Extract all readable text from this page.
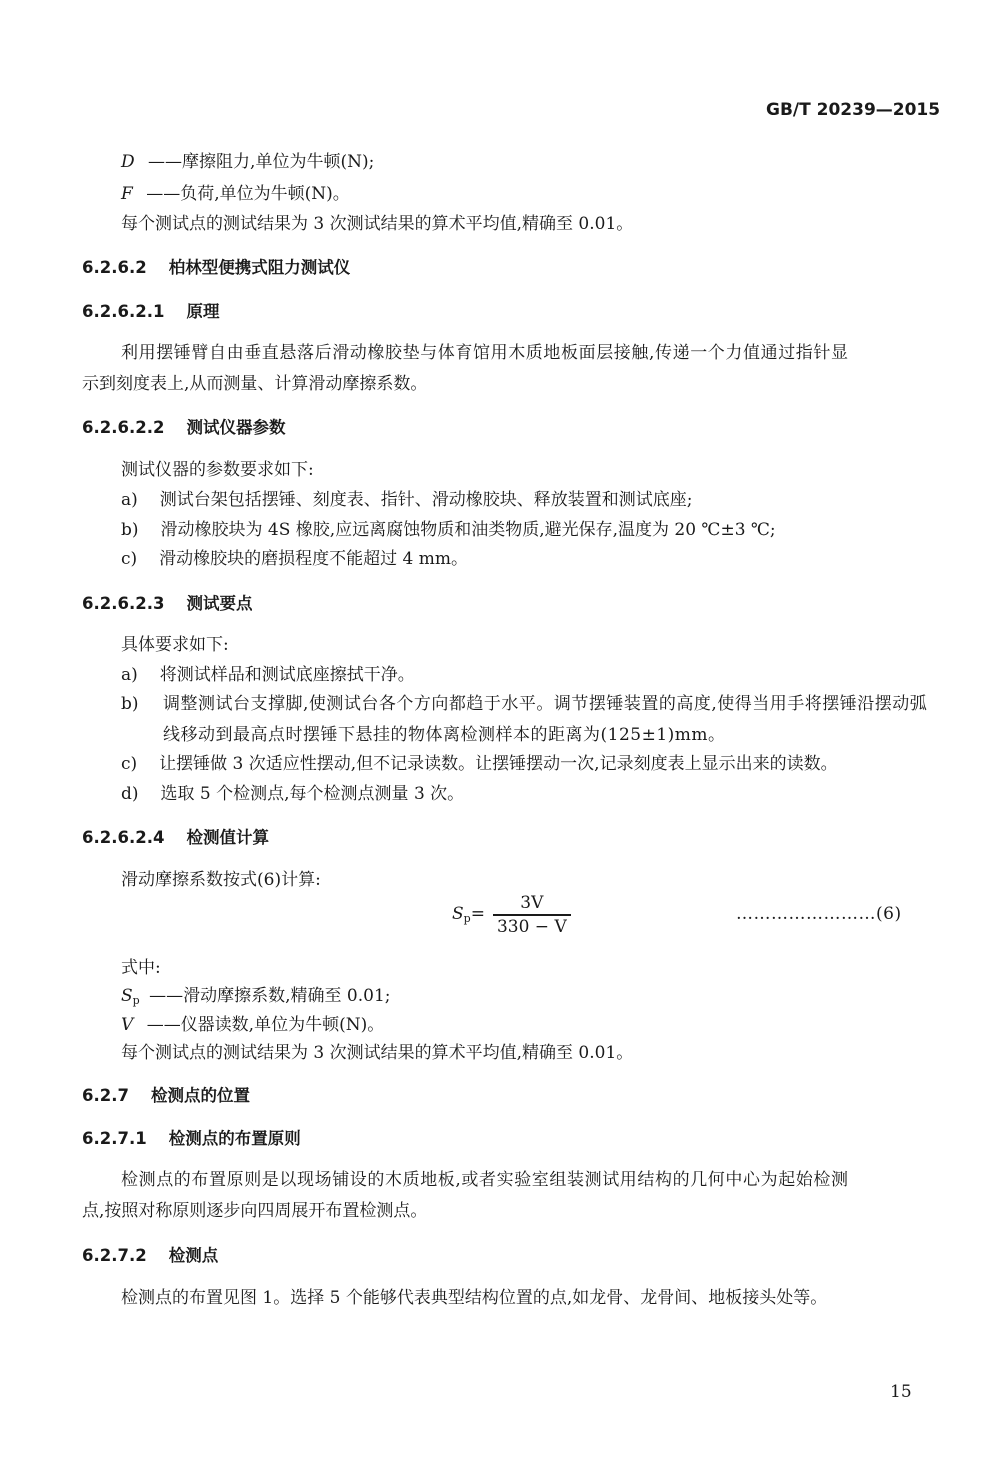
GB/T 20239—2015
D ——摩擦阻力,单位为牛顿(N);
F ——负荷,单位为牛顿(N)。
每个测试点的测试结果为 3 次测试结果的算术平均值,精确至 0.01。
6.2.6.2 柏林型便携式阻力测试仪
6.2.6.2.1 原理
利用摆锤臂自由垂直悬落后滑动橡胶垫与体育馆用木质地板面层接触,传递一个力值通过指针显
示到刻度表上,从而测量、计算滑动摩擦系数。
6.2.6.2.2 测试仪器参数
测试仪器的参数要求如下:
a) 测试台架包括摆锤、刻度表、指针、滑动橡胶块、释放装置和测试底座;
b) 滑动橡胶块为 4S 橡胶,应远离腐蚀物质和油类物质,避光保存,温度为 20 ℃±3 ℃;
c) 滑动橡胶块的磨损程度不能超过 4 mm。
6.2.6.2.3 测试要点
具体要求如下:
a) 将测试样品和测试底座擦拭干净。
b) 调整测试台支撑脚,使测试台各个方向都趋于水平。调节摆锤装置的高度,使得当用手将摆锤沿摆动弧线移动到最高点时摆锤下悬挂的物体离检测样本的距离为(125±1)mm。
c) 让摆锤做 3 次适应性摆动,但不记录读数。让摆锤摆动一次,记录刻度表上显示出来的读数。
d) 选取 5 个检测点,每个检测点测量 3 次。
6.2.6.2.4 检测值计算
滑动摩擦系数按式(6)计算:
$S_p= \frac{3V}{330 - V}$	……………………(6)
式中:
$S_p$ ——滑动摩擦系数,精确至 0.01;
V ——仪器读数,单位为牛顿(N)。
每个测试点的测试结果为 3 次测试结果的算术平均值,精确至 0.01。
6.2.7 检测点的位置
6.2.7.1 检测点的布置原则
检测点的布置原则是以现场铺设的木质地板,或者实验室组装测试用结构的几何中心为起始检测
点,按照对称原则逐步向四周展开布置检测点。
6.2.7.2 检测点
检测点的布置见图 1。选择 5 个能够代表典型结构位置的点,如龙骨、龙骨间、地板接头处等。
15
